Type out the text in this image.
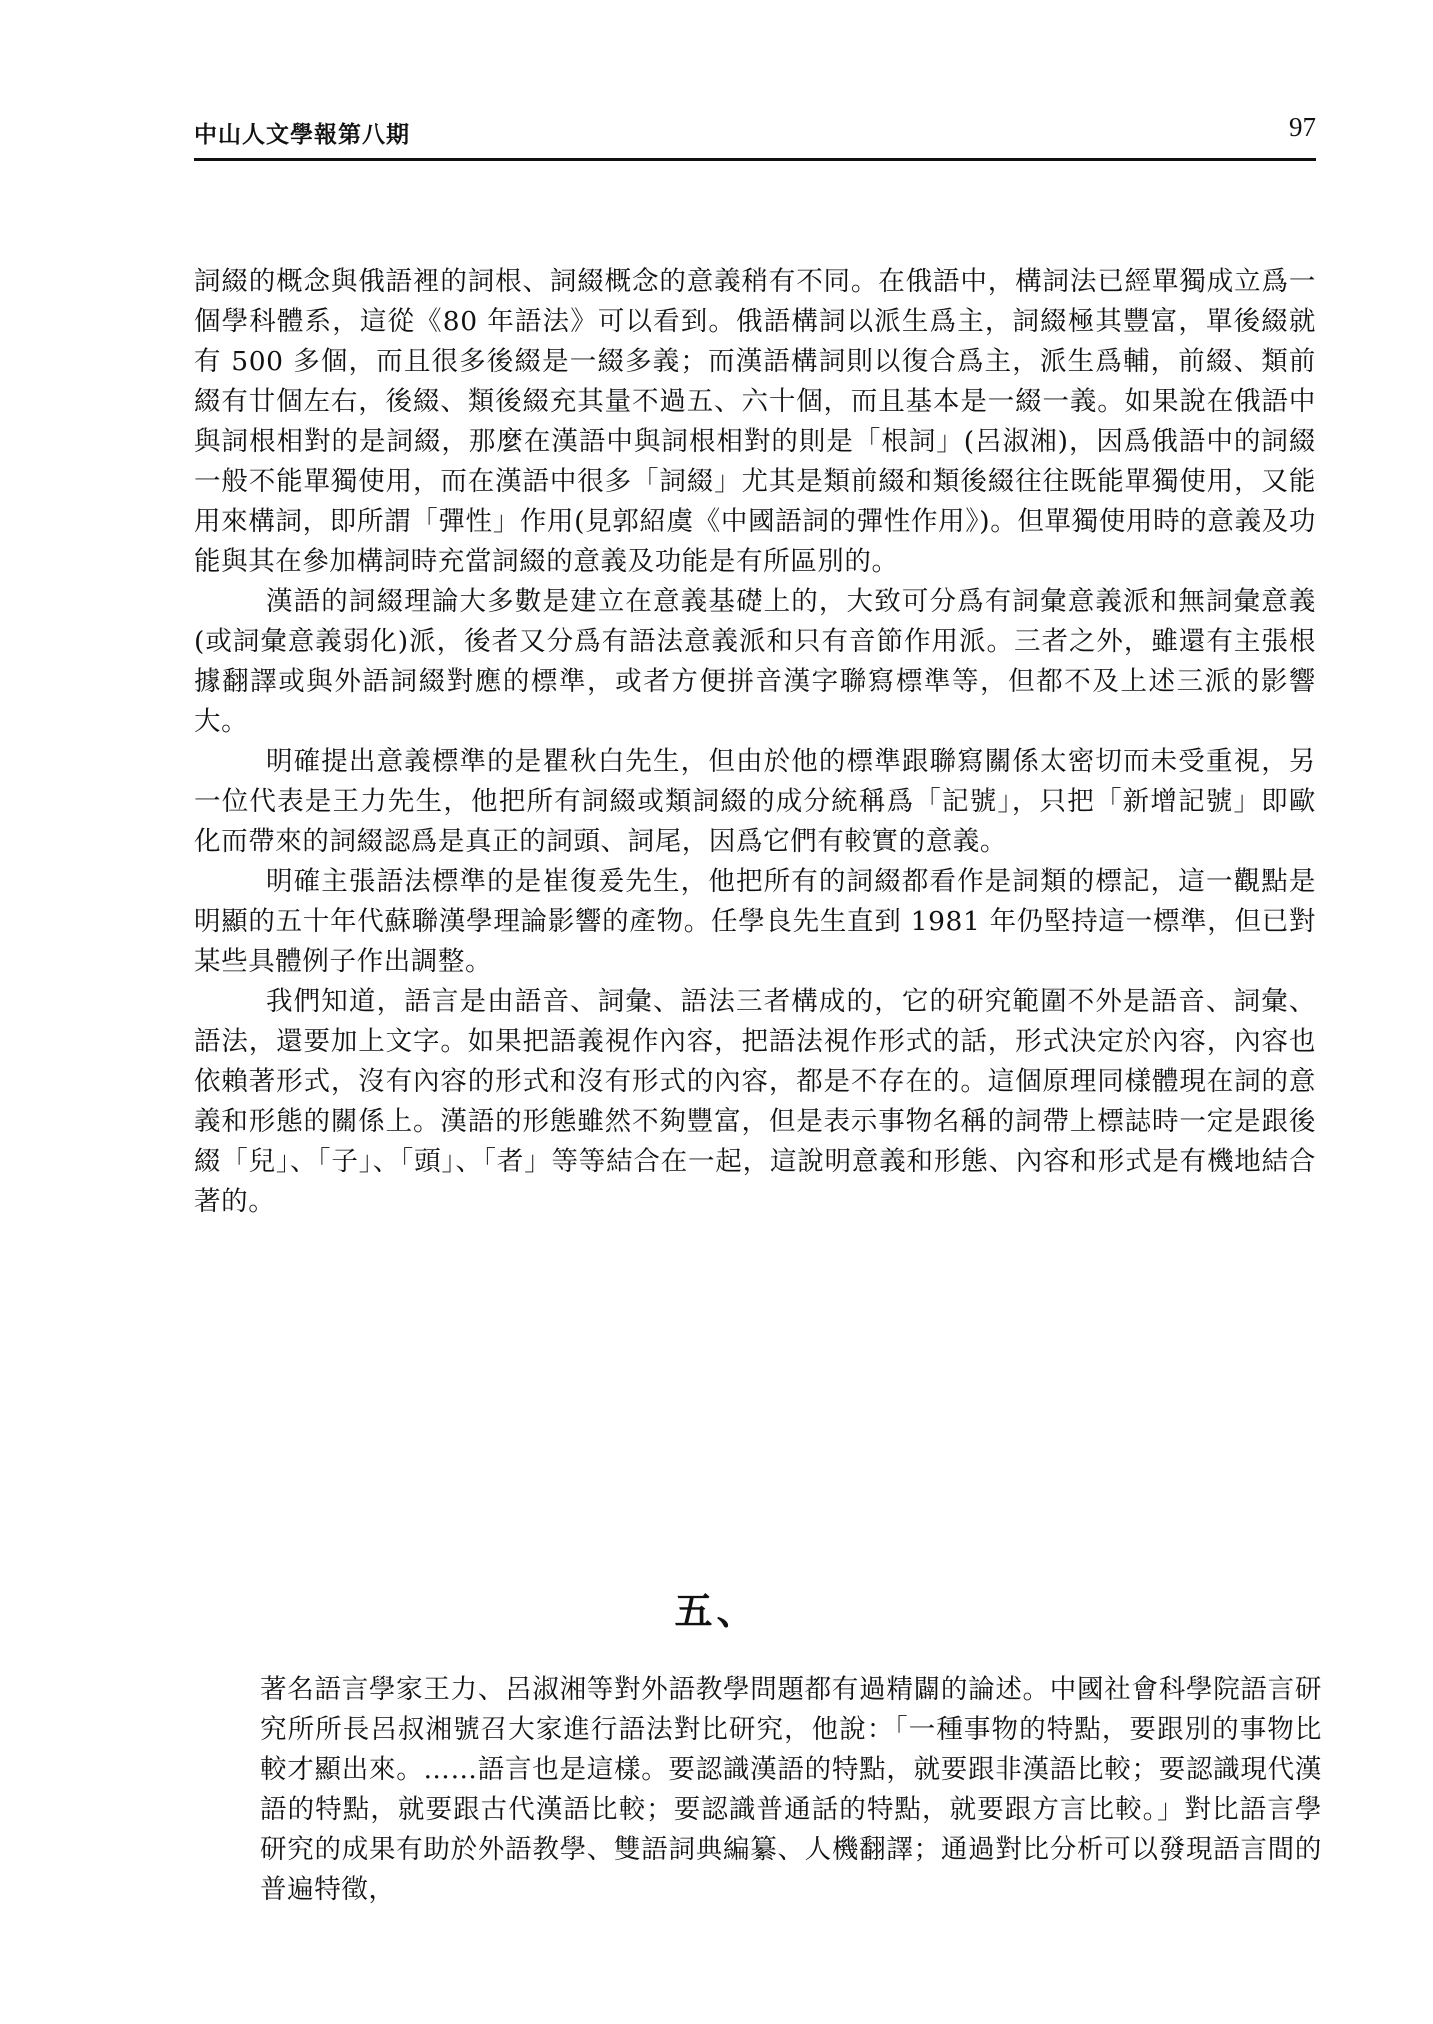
中山人文學報第八期	97

詞綴的概念與俄語裡的詞根、詞綴概念的意義稍有不同。在俄語中，構詞法已經單獨成立爲一個學科體系，這從《80 年語法》可以看到。俄語構詞以派生爲主，詞綴極其豐富，單後綴就有 500 多個，而且很多後綴是一綴多義；而漢語構詞則以復合爲主，派生爲輔，前綴、類前綴有廿個左右，後綴、類後綴充其量不過五、六十個，而且基本是一綴一義。如果說在俄語中與詞根相對的是詞綴，那麼在漢語中與詞根相對的則是「根詞」(呂淑湘)，因爲俄語中的詞綴一般不能單獨使用，而在漢語中很多「詞綴」尤其是類前綴和類後綴往往既能單獨使用，又能用來構詞，即所謂「彈性」作用(見郭紹虞《中國語詞的彈性作用》)。但單獨使用時的意義及功能與其在參加構詞時充當詞綴的意義及功能是有所區別的。

漢語的詞綴理論大多數是建立在意義基礎上的，大致可分爲有詞彙意義派和無詞彙意義(或詞彙意義弱化)派，後者又分爲有語法意義派和只有音節作用派。三者之外，雖還有主張根據翻譯或與外語詞綴對應的標準，或者方便拼音漢字聯寫標準等，但都不及上述三派的影響大。

明確提出意義標準的是瞿秋白先生，但由於他的標準跟聯寫關係太密切而未受重視，另一位代表是王力先生，他把所有詞綴或類詞綴的成分統稱爲「記號」，只把「新增記號」即歐化而帶來的詞綴認爲是真正的詞頭、詞尾，因爲它們有較實的意義。

明確主張語法標準的是崔復爰先生，他把所有的詞綴都看作是詞類的標記，這一觀點是明顯的五十年代蘇聯漢學理論影響的產物。任學良先生直到 1981 年仍堅持這一標準，但已對某些具體例子作出調整。

我們知道，語言是由語音、詞彙、語法三者構成的，它的研究範圍不外是語音、詞彙、語法，還要加上文字。如果把語義視作內容，把語法視作形式的話，形式決定於內容，內容也依賴著形式，沒有內容的形式和沒有形式的內容，都是不存在的。這個原理同樣體現在詞的意義和形態的關係上。漢語的形態雖然不夠豐富，但是表示事物名稱的詞帶上標誌時一定是跟後綴「兒」、「子」、「頭」、「者」等等結合在一起，這說明意義和形態、內容和形式是有機地結合著的。

五、

著名語言學家王力、呂淑湘等對外語教學問題都有過精闢的論述。中國社會科學院語言研究所所長呂叔湘號召大家進行語法對比研究，他說：「一種事物的特點，要跟別的事物比較才顯出來。……語言也是這樣。要認識漢語的特點，就要跟非漢語比較；要認識現代漢語的特點，就要跟古代漢語比較；要認識普通話的特點，就要跟方言比較。」對比語言學研究的成果有助於外語教學、雙語詞典編纂、人機翻譯；通過對比分析可以發現語言間的普遍特徵，
